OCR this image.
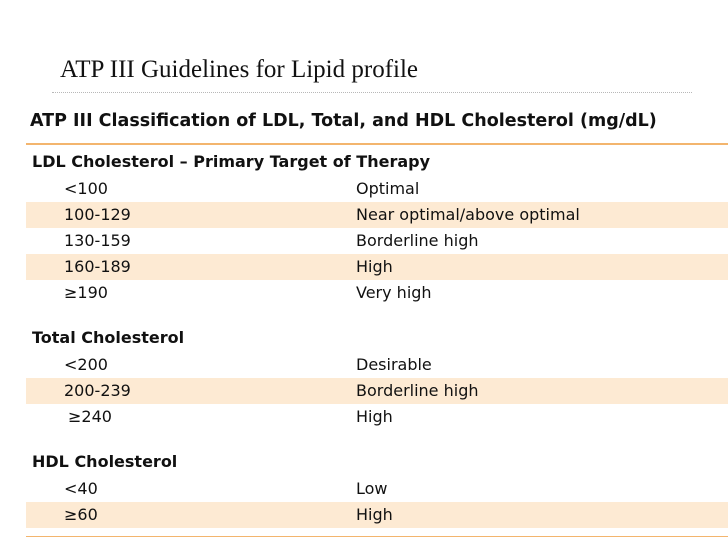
ATP III Guidelines for Lipid profile
ATP III Classification of LDL, Total, and HDL Cholesterol (mg/dL)
LDL Cholesterol – Primary Target of Therapy
<100	Optimal
100-129	Near optimal/above optimal
130-159	Borderline high
160-189	High
≥190	Very high
Total Cholesterol
<200	Desirable
200-239	Borderline high
≥240	High
HDL Cholesterol
<40	Low
≥60	High
